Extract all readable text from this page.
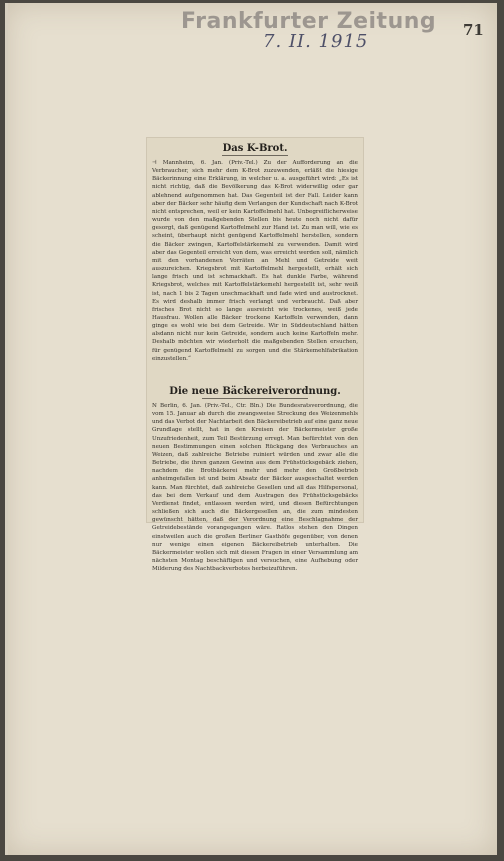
Frankfurter Zeitung
7. II. 1915
71
Das K-Brot.

⊣ Mannheim, 6. Jan. (Priv.-Tel.) Zu der Aufforderung an die Verbraucher, sich mehr dem K-Brot zuzuwenden, erläßt die hiesige Bäckerinnung eine Erklärung, in welcher u. a. ausgeführt wird: „Es ist nicht richtig, daß die Bevölkerung das K-Brot widerwillig oder gar ablehnend aufgenommen hat. Das Gegenteil ist der Fall. Leider kann aber der Bäcker sehr häufig dem Verlangen der Kundschaft nach K-Brot nicht entsprechen, weil er kein Kartoffelmehl hat. Unbegreiflicherweise wurde von den maßgebenden Stellen bis heute noch nicht dafür gesorgt, daß genügend Kartoffelmehl zur Hand ist. Zu man will, wie es scheint, überhaupt nicht genügend Kartoffelmehl herstellen, sondern die Bäcker zwingen, Kartoffelstärkemehl zu verwenden. Damit wird aber das Gegenteil erreicht von dem, was erreicht werden soll, nämlich mit den vorhandenen Vorräten an Mehl und Getreide weit auszureichen. Kriegsbrot mit Kartoffelmehl hergestellt, erhält sich lange frisch und ist schmackhaft. Es hat dunkle Farbe, während Kriegsbrot, welches mit Kartoffelstärkemehl hergestellt ist, sehr weiß ist, nach 1 bis 2 Tagen unschmackhaft und fade wird und austrocknet. Es wird deshalb immer frisch verlangt und verbraucht. Daß aber frisches Brot nicht so lange ausreicht wie trockenes, weiß jede Hausfrau. Wollen alle Bäcker trockene Kartoffeln verwenden, dann ginge es wohl wie bei dem Getreide. Wir in Süddeutschland hätten alsdann nicht nur kein Getreide, sondern auch keine Kartoffeln mehr. Deshalb möchten wir wiederholt die maßgebenden Stellen ersuchen, für genügend Kartoffelmehl zu sorgen und die Stärkemehlfabrikation einzustellen.“

Die neue Bäckereiverordnung.

N Berlin, 6. Jan. (Priv.-Tel., Ctr. Bln.) Die Bundesratsverordnung, die vom 15. Januar ab durch die zwangsweise Streckung des Weizenmehls und das Verbot der Nachtarbeit den Bäckereibetrieb auf eine ganz neue Grundlage stellt, hat in den Kreisen der Bäckermeister große Unzufriedenheit, zum Teil Bestürzung erregt. Man befürchtet von den neuen Bestimmungen einen solchen Rückgang des Verbrauches an Weizen, daß zahlreiche Betriebe ruiniert würden und zwar alle die Betriebe, die ihren ganzen Gewinn aus dem Frühstücksgebäck ziehen, nachdem die Brotbäckerei mehr und mehr den Großbetrieb anheimgefallen ist und beim Absatz der Bäcker ausgeschaltet werden kann. Man fürchtet, daß zahlreiche Gesellen und all das Hilfspersonal, das bei dem Verkauf und dem Austragen des Frühstücksgebäcks Verdienst findet, entlassen werden wird, und diesen Befürchtungen schließen sich auch die Bäckergesellen an, die zum mindesten gewünscht hätten, daß der Verordnung eine Beschlagnahme der Getreidebestände vorangegangen wäre. Ratlos stehen den Dingen einstweilen auch die großen Berliner Gasthöfe gegenüber, von denen nur wenige einen eigenen Bäckereibetrieb unterhalten. Die Bäckermeister wollen sich mit diesen Fragen in einer Versammlung am nächsten Montag beschäftigen und versuchen, eine Aufhebung oder Milderung des Nachtbackverbotes herbeizuführen.
